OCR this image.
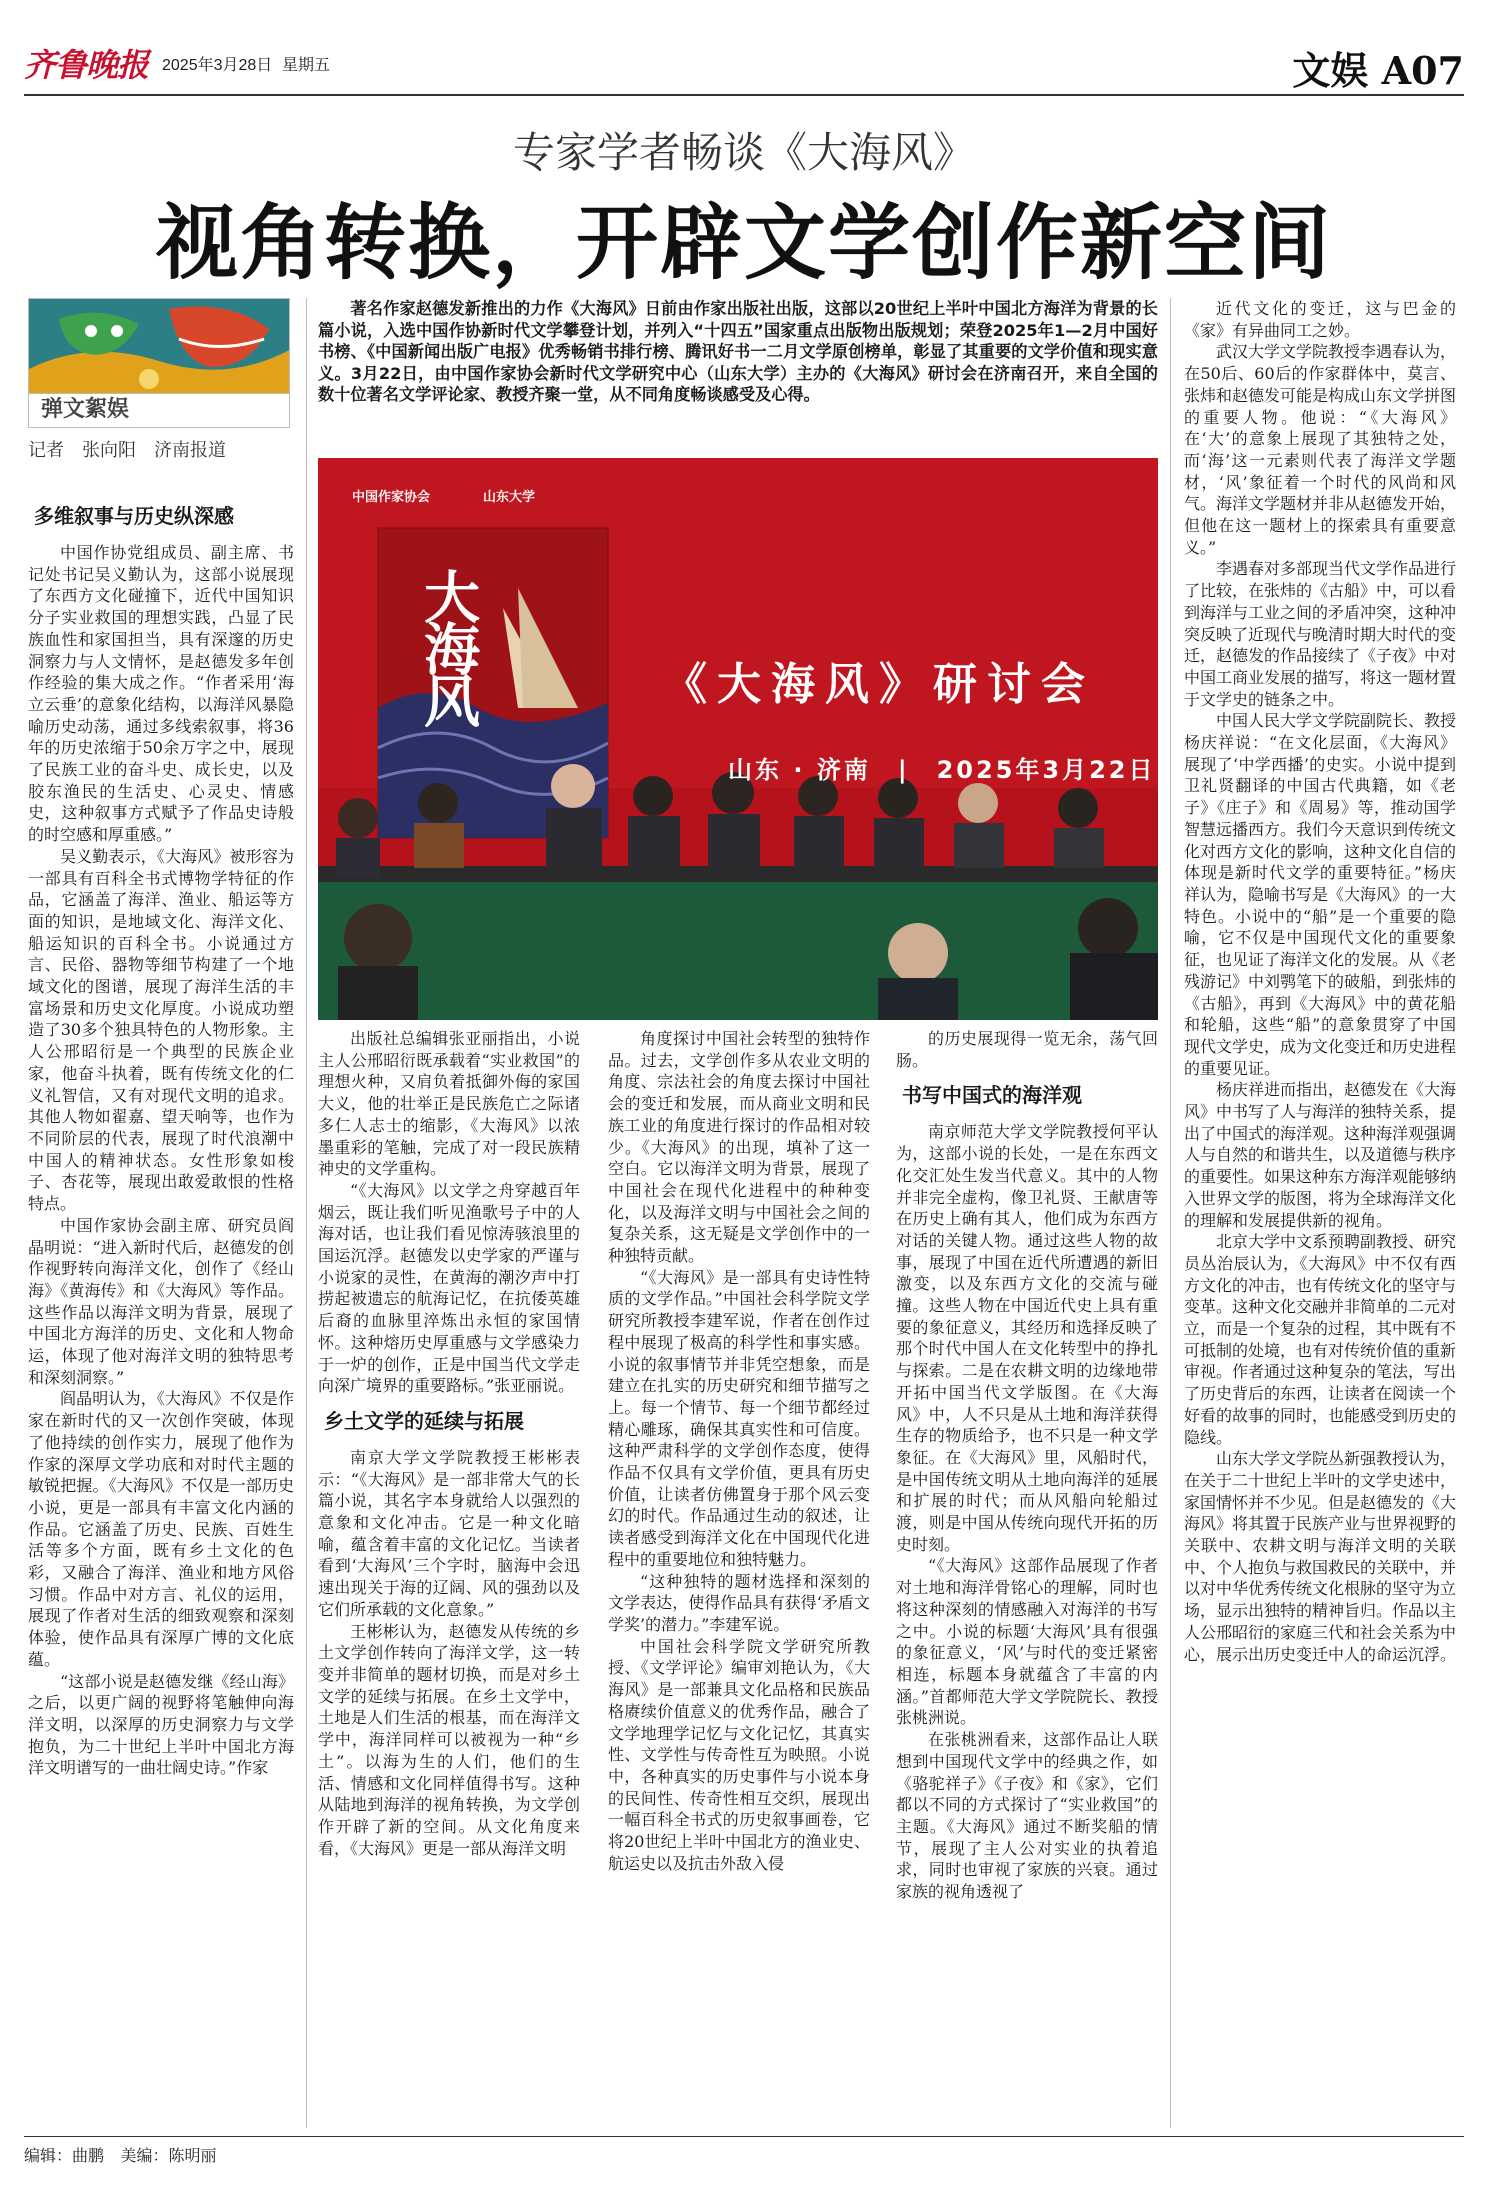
齐鲁晚报 2025年3月28日 星期五	文娱 A07
专家学者畅谈《大海风》
视角转换，开辟文学创作新空间
弹文絮娱
记者　张向阳　济南报道
著名作家赵德发新推出的力作《大海风》日前由作家出版社出版，这部以20世纪上半叶中国北方海洋为背景的长篇小说，入选中国作协新时代文学攀登计划，并列入“十四五”国家重点出版物出版规划；荣登2025年1—2月中国好书榜、《中国新闻出版广电报》优秀畅销书排行榜、腾讯好书一二月文学原创榜单，彰显了其重要的文学价值和现实意义。3月22日，由中国作家协会新时代文学研究中心（山东大学）主办的《大海风》研讨会在济南召开，来自全国的数十位著名文学评论家、教授齐聚一堂，从不同角度畅谈感受及心得。
中国作家协会	山东大学
大海风	《大海风》研讨会
山东 · 济南　|　2025年3月22日
多维叙事与历史纵深感

中国作协党组成员、副主席、书记处书记吴义勤认为，这部小说展现了东西方文化碰撞下，近代中国知识分子实业救国的理想实践，凸显了民族血性和家国担当，具有深邃的历史洞察力与人文情怀，是赵德发多年创作经验的集大成之作。“作者采用‘海立云垂’的意象化结构，以海洋风暴隐喻历史动荡，通过多线索叙事，将36年的历史浓缩于50余万字之中，展现了民族工业的奋斗史、成长史，以及胶东渔民的生活史、心灵史、情感史，这种叙事方式赋予了作品史诗般的时空感和厚重感。”

吴义勤表示，《大海风》被形容为一部具有百科全书式博物学特征的作品，它涵盖了海洋、渔业、船运等方面的知识，是地域文化、海洋文化、船运知识的百科全书。小说通过方言、民俗、器物等细节构建了一个地域文化的图谱，展现了海洋生活的丰富场景和历史文化厚度。小说成功塑造了30多个独具特色的人物形象。主人公邢昭衍是一个典型的民族企业家，他奋斗执着，既有传统文化的仁义礼智信，又有对现代文明的追求。其他人物如翟嘉、望天响等，也作为不同阶层的代表，展现了时代浪潮中中国人的精神状态。女性形象如梭子、杏花等，展现出敢爱敢恨的性格特点。

中国作家协会副主席、研究员阎晶明说：“进入新时代后，赵德发的创作视野转向海洋文化，创作了《经山海》《黄海传》和《大海风》等作品。这些作品以海洋文明为背景，展现了中国北方海洋的历史、文化和人物命运，体现了他对海洋文明的独特思考和深刻洞察。”

阎晶明认为，《大海风》不仅是作家在新时代的又一次创作突破，体现了他持续的创作实力，展现了他作为作家的深厚文学功底和对时代主题的敏锐把握。《大海风》不仅是一部历史小说，更是一部具有丰富文化内涵的作品。它涵盖了历史、民族、百姓生活等多个方面，既有乡土文化的色彩，又融合了海洋、渔业和地方风俗习惯。作品中对方言、礼仪的运用，展现了作者对生活的细致观察和深刻体验，使作品具有深厚广博的文化底蕴。

“这部小说是赵德发继《经山海》之后，以更广阔的视野将笔触伸向海洋文明，以深厚的历史洞察力与文学抱负，为二十世纪上半叶中国北方海洋文明谱写的一曲壮阔史诗。”作家

出版社总编辑张亚丽指出，小说主人公邢昭衍既承载着“实业救国”的理想火种，又肩负着抵御外侮的家国大义，他的壮举正是民族危亡之际诸多仁人志士的缩影，《大海风》以浓墨重彩的笔触，完成了对一段民族精神史的文学重构。

“《大海风》以文学之舟穿越百年烟云，既让我们听见渔歌号子中的人海对话，也让我们看见惊涛骇浪里的国运沉浮。赵德发以史学家的严谨与小说家的灵性，在黄海的潮汐声中打捞起被遗忘的航海记忆，在抗倭英雄后裔的血脉里淬炼出永恒的家国情怀。这种熔历史厚重感与文学感染力于一炉的创作，正是中国当代文学走向深广境界的重要路标。”张亚丽说。

乡土文学的延续与拓展

南京大学文学院教授王彬彬表示：“《大海风》是一部非常大气的长篇小说，其名字本身就给人以强烈的意象和文化冲击。它是一种文化暗喻，蕴含着丰富的文化记忆。当读者看到‘大海风’三个字时，脑海中会迅速出现关于海的辽阔、风的强劲以及它们所承载的文化意象。”

王彬彬认为，赵德发从传统的乡土文学创作转向了海洋文学，这一转变并非简单的题材切换，而是对乡土文学的延续与拓展。在乡土文学中，土地是人们生活的根基，而在海洋文学中，海洋同样可以被视为一种“乡土”。以海为生的人们，他们的生活、情感和文化同样值得书写。这种从陆地到海洋的视角转换，为文学创作开辟了新的空间。从文化角度来看，《大海风》更是一部从海洋文明

角度探讨中国社会转型的独特作品。过去，文学创作多从农业文明的角度、宗法社会的角度去探讨中国社会的变迁和发展，而从商业文明和民族工业的角度进行探讨的作品相对较少。《大海风》的出现，填补了这一空白。它以海洋文明为背景，展现了中国社会在现代化进程中的种种变化，以及海洋文明与中国社会之间的复杂关系，这无疑是文学创作中的一种独特贡献。

“《大海风》是一部具有史诗性特质的文学作品。”中国社会科学院文学研究所教授李建军说，作者在创作过程中展现了极高的科学性和事实感。小说的叙事情节并非凭空想象，而是建立在扎实的历史研究和细节描写之上。每一个情节、每一个细节都经过精心雕琢，确保其真实性和可信度。这种严肃科学的文学创作态度，使得作品不仅具有文学价值，更具有历史价值，让读者仿佛置身于那个风云变幻的时代。作品通过生动的叙述，让读者感受到海洋文化在中国现代化进程中的重要地位和独特魅力。

“这种独特的题材选择和深刻的文学表达，使得作品具有获得‘矛盾文学奖’的潜力。”李建军说。

中国社会科学院文学研究所教授、《文学评论》编审刘艳认为，《大海风》是一部兼具文化品格和民族品格赓续价值意义的优秀作品，融合了文学地理学记忆与文化记忆，其真实性、文学性与传奇性互为映照。小说中，各种真实的历史事件与小说本身的民间性、传奇性相互交织，展现出一幅百科全书式的历史叙事画卷，它将20世纪上半叶中国北方的渔业史、航运史以及抗击外敌入侵

的历史展现得一览无余，荡气回肠。

书写中国式的海洋观

南京师范大学文学院教授何平认为，这部小说的长处，一是在东西文化交汇处生发当代意义。其中的人物并非完全虚构，像卫礼贤、王献唐等在历史上确有其人，他们成为东西方对话的关键人物。通过这些人物的故事，展现了中国在近代所遭遇的新旧激变，以及东西方文化的交流与碰撞。这些人物在中国近代史上具有重要的象征意义，其经历和选择反映了那个时代中国人在文化转型中的挣扎与探索。二是在农耕文明的边缘地带开拓中国当代文学版图。在《大海风》中，人不只是从土地和海洋获得生存的物质给予，也不只是一种文学象征。在《大海风》里，风船时代，是中国传统文明从土地向海洋的延展和扩展的时代；而从风船向轮船过渡，则是中国从传统向现代开拓的历史时刻。

“《大海风》这部作品展现了作者对土地和海洋骨铭心的理解，同时也将这种深刻的情感融入对海洋的书写之中。小说的标题‘大海风’具有很强的象征意义，‘风’与时代的变迁紧密相连，标题本身就蕴含了丰富的内涵。”首都师范大学文学院院长、教授张桃洲说。

在张桃洲看来，这部作品让人联想到中国现代文学中的经典之作，如《骆驼祥子》《子夜》和《家》，它们都以不同的方式探讨了“实业救国”的主题。《大海风》通过不断奖船的情节，展现了主人公对实业的执着追求，同时也审视了家族的兴衰。通过家族的视角透视了

近代文化的变迁，这与巴金的《家》有异曲同工之妙。

武汉大学文学院教授李遇春认为，在50后、60后的作家群体中，莫言、张炜和赵德发可能是构成山东文学拼图的重要人物。他说：“《大海风》在‘大’的意象上展现了其独特之处，而‘海’这一元素则代表了海洋文学题材，‘风’象征着一个时代的风尚和风气。海洋文学题材并非从赵德发开始，但他在这一题材上的探索具有重要意义。”

李遇春对多部现当代文学作品进行了比较，在张炜的《古船》中，可以看到海洋与工业之间的矛盾冲突，这种冲突反映了近现代与晚清时期大时代的变迁，赵德发的作品接续了《子夜》中对中国工商业发展的描写，将这一题材置于文学史的链条之中。

中国人民大学文学院副院长、教授杨庆祥说：“在文化层面，《大海风》展现了‘中学西播’的史实。小说中提到卫礼贤翻译的中国古代典籍，如《老子》《庄子》和《周易》等，推动国学智慧远播西方。我们今天意识到传统文化对西方文化的影响，这种文化自信的体现是新时代文学的重要特征。”杨庆祥认为，隐喻书写是《大海风》的一大特色。小说中的“船”是一个重要的隐喻，它不仅是中国现代文化的重要象征，也见证了海洋文化的发展。从《老残游记》中刘鹗笔下的破船，到张炜的《古船》，再到《大海风》中的黄花船和轮船，这些“船”的意象贯穿了中国现代文学史，成为文化变迁和历史进程的重要见证。

杨庆祥进而指出，赵德发在《大海风》中书写了人与海洋的独特关系，提出了中国式的海洋观。这种海洋观强调人与自然的和谐共生，以及道德与秩序的重要性。如果这种东方海洋观能够纳入世界文学的版图，将为全球海洋文化的理解和发展提供新的视角。

北京大学中文系预聘副教授、研究员丛治辰认为，《大海风》中不仅有西方文化的冲击，也有传统文化的坚守与变革。这种文化交融并非简单的二元对立，而是一个复杂的过程，其中既有不可抵制的处境，也有对传统价值的重新审视。作者通过这种复杂的笔法，写出了历史背后的东西，让读者在阅读一个好看的故事的同时，也能感受到历史的隐线。

山东大学文学院丛新强教授认为，在关于二十世纪上半叶的文学史述中，家国情怀并不少见。但是赵德发的《大海风》将其置于民族产业与世界视野的关联中、农耕文明与海洋文明的关联中、个人抱负与救国救民的关联中，并以对中华优秀传统文化根脉的坚守为立场，显示出独特的精神旨归。作品以主人公邢昭衍的家庭三代和社会关系为中心，展示出历史变迁中人的命运沉浮。

编辑：曲鹏 美编：陈明丽
